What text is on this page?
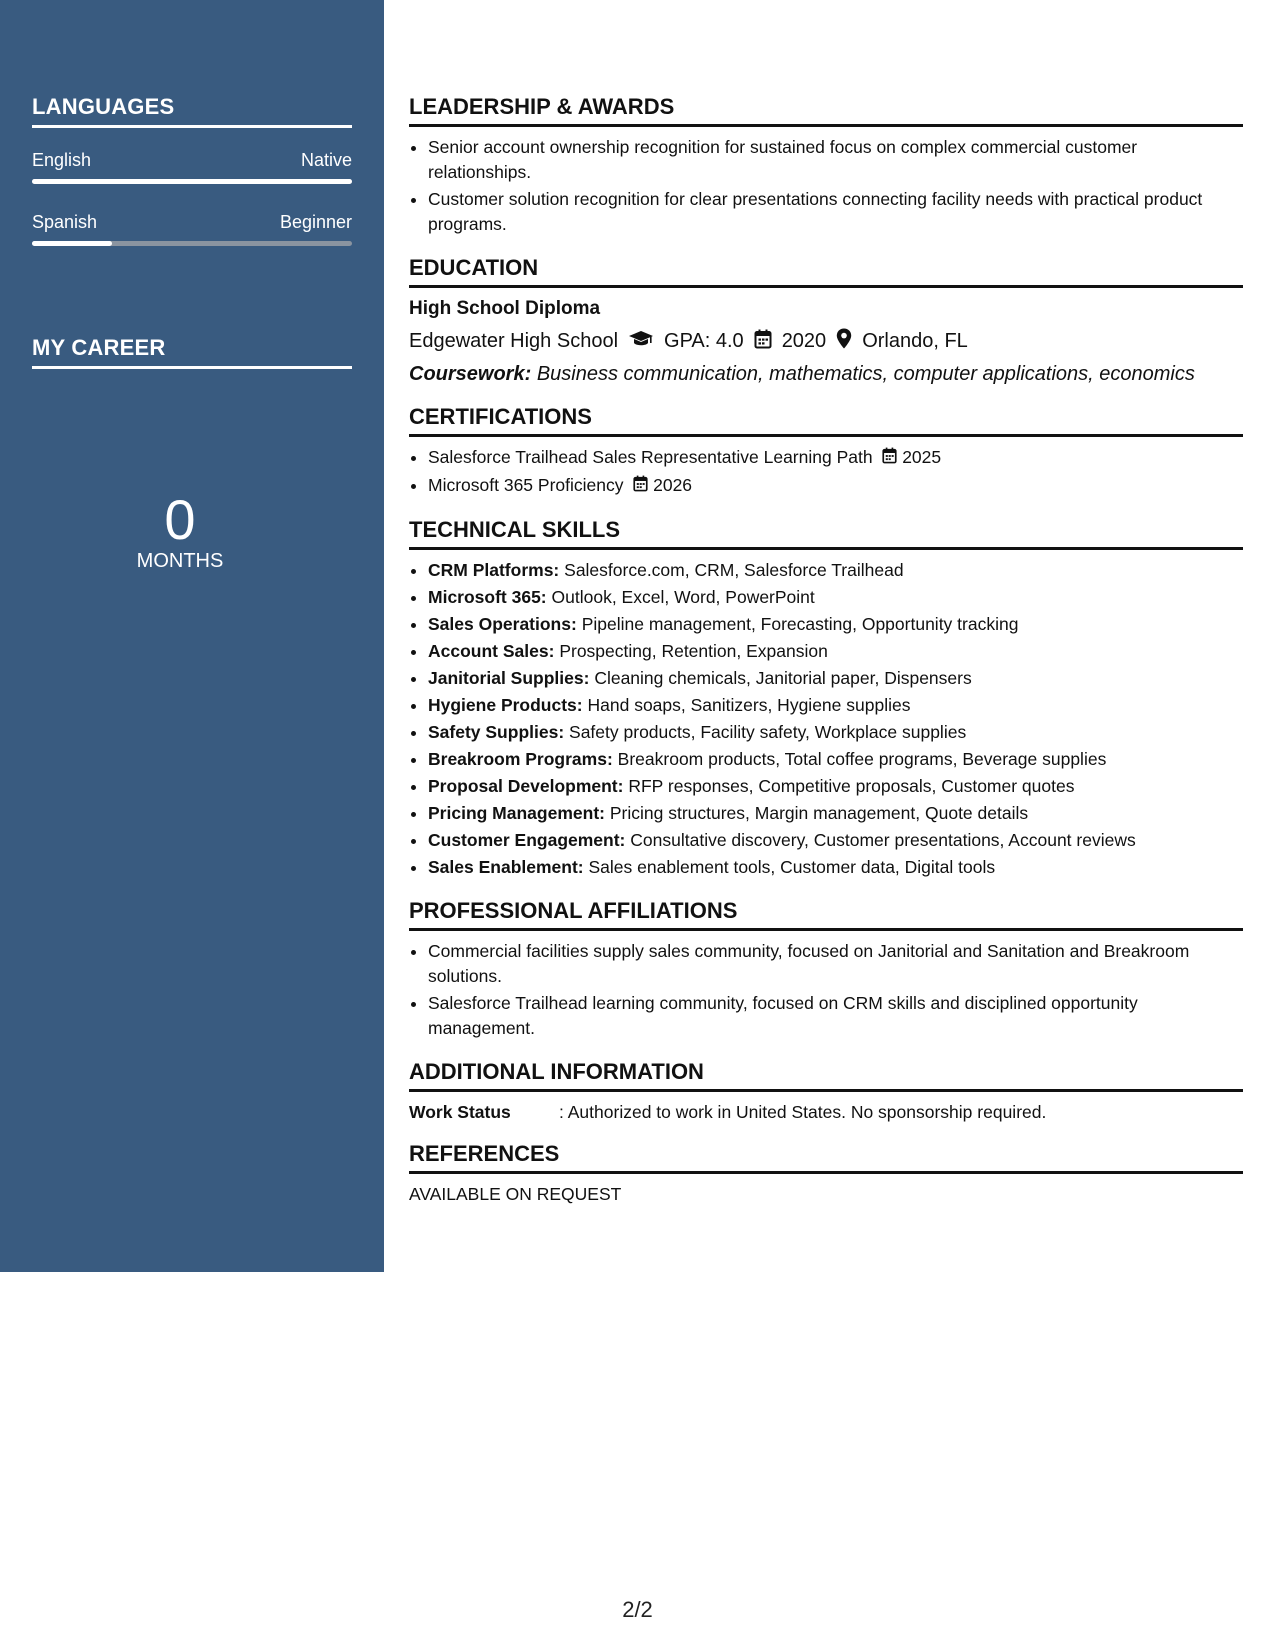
LANGUAGES
English	Native
Spanish	Beginner
MY CAREER
0
MONTHS
LEADERSHIP & AWARDS
• Senior account ownership recognition for sustained focus on complex commercial customer relationships.
• Customer solution recognition for clear presentations connecting facility needs with practical product programs.
EDUCATION
High School Diploma
Edgewater High School GPA: 4.0 2020 Orlando, FL
Coursework: Business communication, mathematics, computer applications, economics
CERTIFICATIONS
• Salesforce Trailhead Sales Representative Learning Path 2025
• Microsoft 365 Proficiency 2026
TECHNICAL SKILLS
• CRM Platforms: Salesforce.com, CRM, Salesforce Trailhead
• Microsoft 365: Outlook, Excel, Word, PowerPoint
• Sales Operations: Pipeline management, Forecasting, Opportunity tracking
• Account Sales: Prospecting, Retention, Expansion
• Janitorial Supplies: Cleaning chemicals, Janitorial paper, Dispensers
• Hygiene Products: Hand soaps, Sanitizers, Hygiene supplies
• Safety Supplies: Safety products, Facility safety, Workplace supplies
• Breakroom Programs: Breakroom products, Total coffee programs, Beverage supplies
• Proposal Development: RFP responses, Competitive proposals, Customer quotes
• Pricing Management: Pricing structures, Margin management, Quote details
• Customer Engagement: Consultative discovery, Customer presentations, Account reviews
• Sales Enablement: Sales enablement tools, Customer data, Digital tools
PROFESSIONAL AFFILIATIONS
• Commercial facilities supply sales community, focused on Janitorial and Sanitation and Breakroom solutions.
• Salesforce Trailhead learning community, focused on CRM skills and disciplined opportunity management.
ADDITIONAL INFORMATION
Work Status	: Authorized to work in United States. No sponsorship required.
REFERENCES
AVAILABLE ON REQUEST
2/2
